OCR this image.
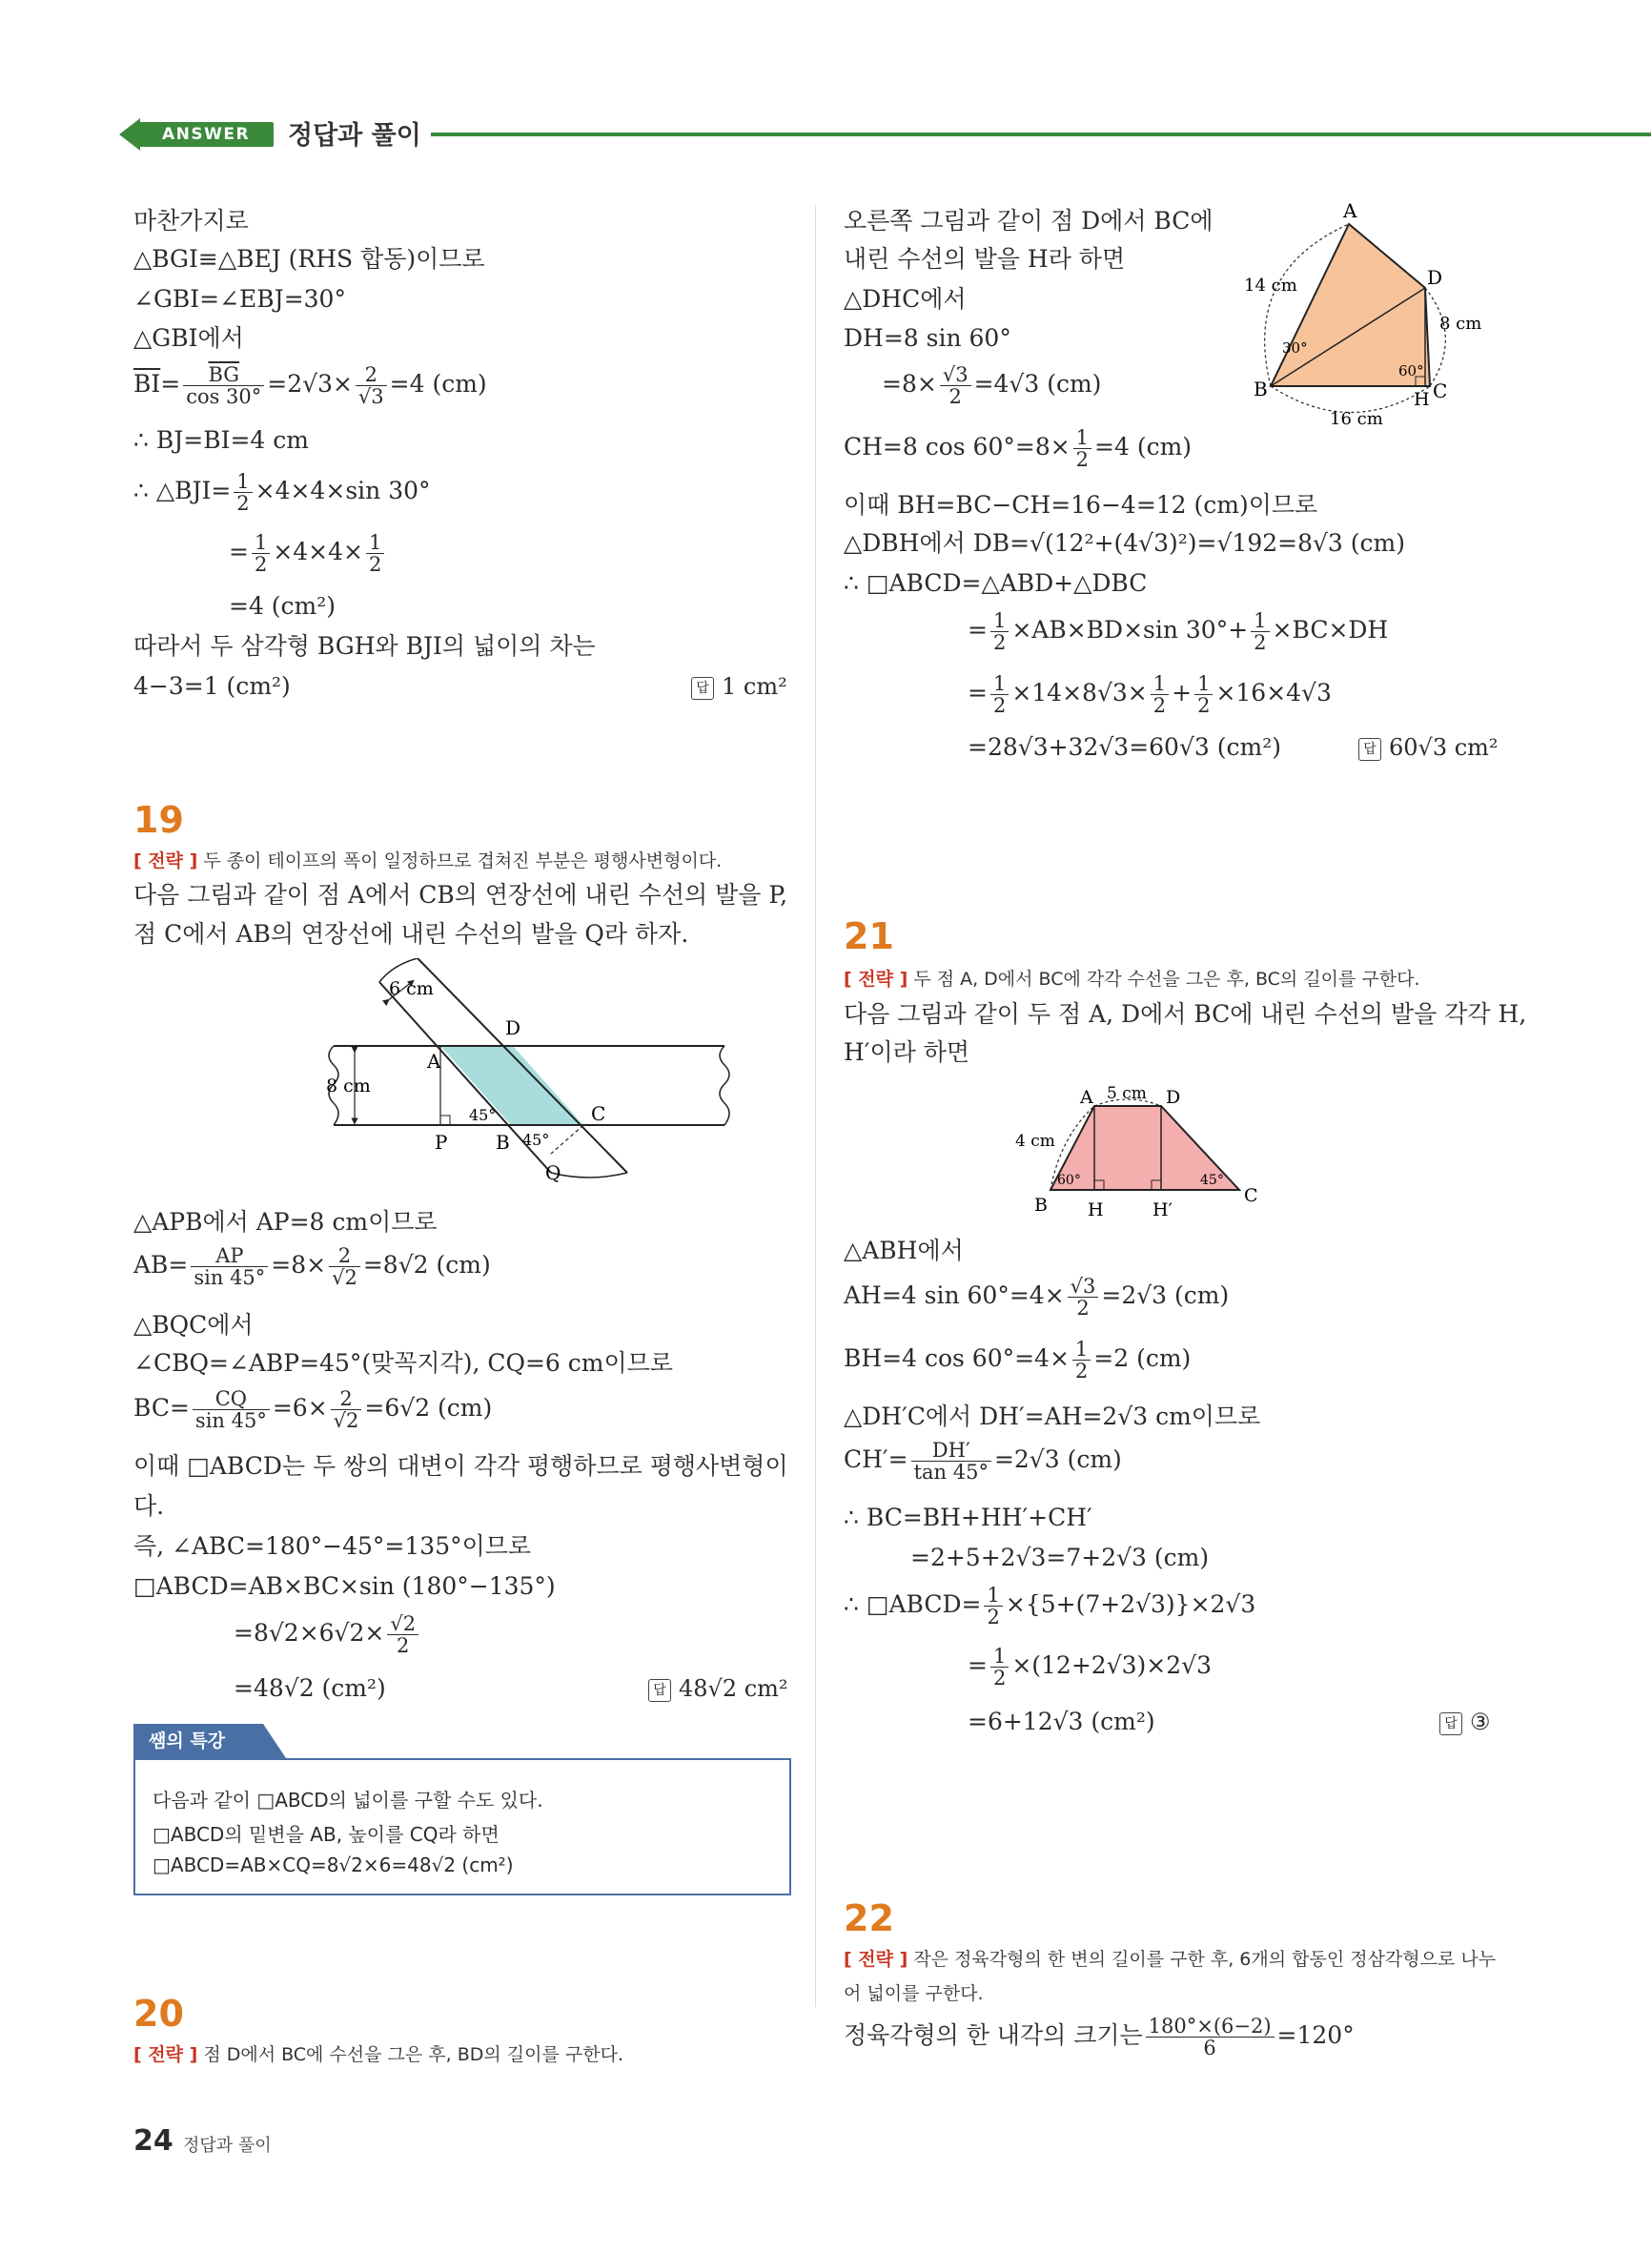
ANSWER	정답과 풀이
마찬가지로
△BGI≡△BEJ (RHS 합동)이므로
∠GBI=∠EBJ=30°
△GBI에서
$\overline{BI}= \frac{\overline{BG}}{\cos 30^\circ} =2√3\times \frac{2}{√3} =4$ (cm)
∴ BJ=BI=4 cm
∴ △BJI= $\frac{1}{2} \times 4\times 4\times\sin$ 30°
= $\frac{1}{2} \times 4\times 4\times \frac{1}{2}$
=4 (cm²)
따라서 두 삼각형 BGH와 BJI의 넓이의 차는
4−3=1 (cm²)	답 1 cm²
19
[ 전략 ] 두 종이 테이프의 폭이 일정하므로 겹쳐진 부분은 평행사변형이다.
다음 그림과 같이 점 A에서 CB의 연장선에 내린 수선의 발을 P,
점 C에서 AB의 연장선에 내린 수선의 발을 Q라 하자.
6 cm
8 cm
A
D
C
B
P
Q
45°
45°
△APB에서 AP=8 cm이므로
$AB= \frac{AP}{\sin 45^\circ} =8\times \frac{2}{√2} =8√2$ (cm)
△BQC에서
∠CBQ=∠ABP=45°(맞꼭지각), CQ=6 cm이므로
$BC= \frac{CQ}{\sin 45^\circ} =6\times \frac{2}{√2} =6√2$ (cm)
이때 □ABCD는 두 쌍의 대변이 각각 평행하므로 평행사변형이
다.
즉, ∠ABC=180°−45°=135°이므로
□ABCD=AB×BC×sin (180°−135°)
$=8√2\times 6√2\times \frac{√2}{2}$
=48√2 (cm²)	답 48√2 cm²
쌤의 특강
다음과 같이 □ABCD의 넓이를 구할 수도 있다.
□ABCD의 밑변을 AB, 높이를 CQ라 하면
□ABCD=AB×CQ=8√2×6=48√2 (cm²)
20
[ 전략 ] 점 D에서 BC에 수선을 그은 후, BD의 길이를 구한다.
오른쪽 그림과 같이 점 D에서 BC에
내린 수선의 발을 H라 하면
△DHC에서
DH=8 sin 60°
$=8\times \frac{√3}{2} =4√3$ (cm)
CH=8 $\cos 60^\circ=8\times \frac{1}{2} =4$ (cm)
이때 BH=BC−CH=16−4=12 (cm)이므로
△DBH에서 DB=√(12²+(4√3)²)=√192=8√3 (cm)
∴ □ABCD=△ABD+△DBC
= $\frac{1}{2} \times AB\times BD\times\sin$ $30^\circ+ \frac{1}{2} \times BC\times DH$
= $\frac{1}{2} \times 14\times 8√3\times \frac{1}{2} + \frac{1}{2} \times 16\times 4√3$
=28√3+32√3=60√3 (cm²)	답 60√3 cm²
A
B	C
D
H
14 cm
8 cm
16 cm
30°
60°
21
[ 전략 ] 두 점 A, D에서 BC에 각각 수선을 그은 후, BC의 길이를 구한다.
다음 그림과 같이 두 점 A, D에서 BC에 내린 수선의 발을 각각 H,
H′이라 하면
A	D
B	C
H	H′
5 cm
4 cm
60°	45°
△ABH에서
AH=4 $\sin 60^\circ=4\times \frac{√3}{2} =2√3$ (cm)
BH=4 $\cos 60^\circ=4\times \frac{1}{2} =2$ (cm)
△DH′C에서 DH′=AH=2√3 cm이므로
$CH'= \frac{DH'}{\tan 45^\circ} =2√3$ (cm)
∴ BC=BH+HH′+CH′
=2+5+2√3=7+2√3 (cm)
∴ □ABCD= $\frac{1}{2} \times\{5+(7+2√3)\}\times 2√3$
= $\frac{1}{2} \times(12+2√3)\times 2√3$
=6+12√3 (cm²)	답 ③
22
[ 전략 ] 작은 정육각형의 한 변의 길이를 구한 후, 6개의 합동인 정삼각형으로 나누
어 넓이를 구한다.
정육각형의 한 내각의 크기는 $\frac{180^\circ\times(6-2)}{6} =120^\circ$
24 정답과 풀이
